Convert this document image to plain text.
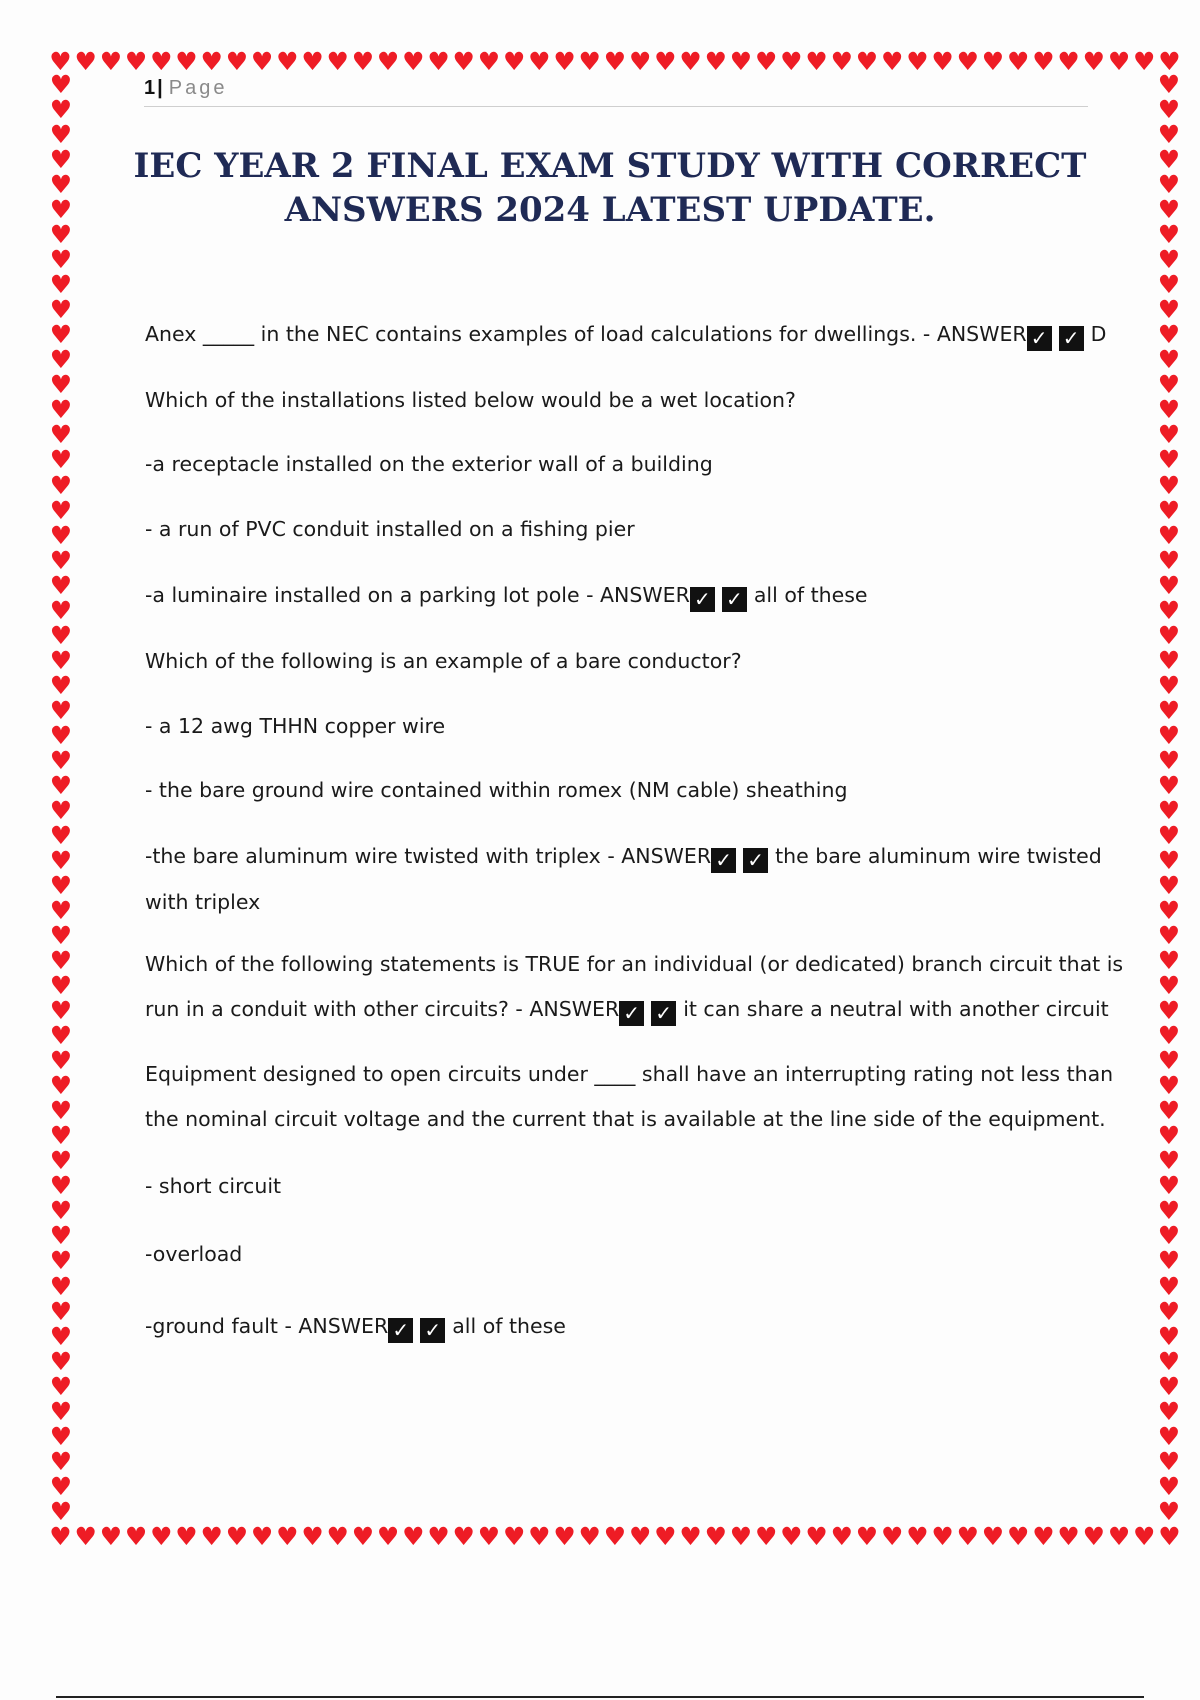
♥ ♥ ♥ ♥ ♥ ♥ ♥ ♥ ♥ ♥ ♥ ♥ ♥ ♥ ♥ ♥ ♥ ♥ ♥ ♥ ♥ ♥ ♥ ♥ ♥ ♥ ♥ ♥ ♥ ♥ ♥ ♥ ♥ ♥ ♥ ♥ ♥ ♥ ♥ ♥ ♥ ♥ ♥ ♥ ♥
♥ ♥ ♥ ♥ ♥ ♥ ♥ ♥ ♥ ♥ ♥ ♥ ♥ ♥ ♥ ♥ ♥ ♥ ♥ ♥ ♥ ♥ ♥ ♥ ♥ ♥ ♥ ♥ ♥ ♥ ♥ ♥ ♥ ♥ ♥ ♥ ♥ ♥ ♥ ♥ ♥ ♥ ♥ ♥ ♥
♥
♥
♥
♥
♥
♥
♥
♥
♥
♥
♥
♥
♥
♥
♥
♥
♥
♥
♥
♥
♥
♥
♥
♥
♥
♥
♥
♥
♥
♥
♥
♥
♥
♥
♥
♥
♥
♥
♥
♥
♥
♥
♥
♥
♥
♥
♥
♥
♥
♥
♥
♥
♥
♥
♥
♥
♥
♥
♥
♥
♥
♥
♥
♥
♥
♥
♥
♥
♥
♥
♥
♥
♥
♥
♥
♥
♥
♥
♥
♥
♥
♥
♥
♥
♥
♥
♥
♥
♥
♥
♥
♥
♥
♥
♥
♥
♥
♥
♥
♥
♥
♥
♥
♥
♥
♥
♥
♥
♥
♥
♥
♥
♥
♥
♥
♥
1 | Page
IEC YEAR 2 FINAL EXAM STUDY WITH CORRECT
ANSWERS 2024 LATEST UPDATE.
Anex _____ in the NEC contains examples of load calculations for dwellings. - ANSWER ✓ ✓ D
Which of the installations listed below would be a wet location?
-a receptacle installed on the exterior wall of a building
- a run of PVC conduit installed on a fishing pier
-a luminaire installed on a parking lot pole - ANSWER ✓ ✓ all of these
Which of the following is an example of a bare conductor?
- a 12 awg THHN copper wire
- the bare ground wire contained within romex (NM cable) sheathing
-the bare aluminum wire twisted with triplex - ANSWER ✓ ✓ the bare aluminum wire twisted
with triplex
Which of the following statements is TRUE for an individual (or dedicated) branch circuit that is
run in a conduit with other circuits? - ANSWER ✓ ✓ it can share a neutral with another circuit
Equipment designed to open circuits under ____ shall have an interrupting rating not less than
the nominal circuit voltage and the current that is available at the line side of the equipment.
- short circuit
-overload
-ground fault - ANSWER ✓ ✓ all of these
